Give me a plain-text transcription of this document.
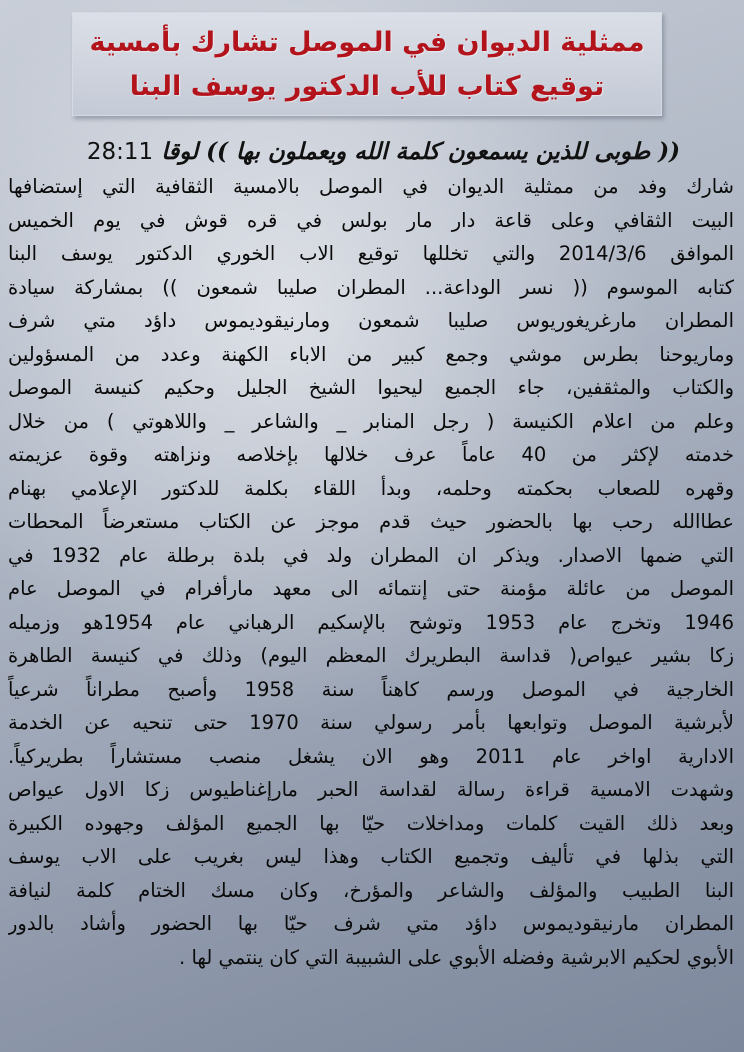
ممثلية الديوان في الموصل تشارك بأمسية
توقيع كتاب للأب الدكتور يوسف البنا
(( طوبى للذين يسمعون كلمة الله ويعملون بها )) لوقا 28:11
شارك وفد من ممثلية الديوان في الموصل بالامسية الثقافية التي إستضافها
البيت الثقافي وعلى قاعة دار مار بولس في قره قوش في يوم الخميس
الموافق 2014/3/6 والتي تخللها توقيع الاب الخوري الدكتور يوسف البنا
كتابه الموسوم (( نسر الوداعة... المطران صليبا شمعون )) بمشاركة سيادة
المطران مارغريغوريوس صليبا شمعون ومارنيقوديموس داؤد متي شرف
وماريوحنا بطرس موشي وجمع كبير من الاباء الكهنة وعدد من المسؤولين
والكتاب والمثقفين، جاء الجميع ليحيوا الشيخ الجليل وحكيم كنيسة الموصل
وعلم من اعلام الكنيسة ( رجل المنابر _ والشاعر _ واللاهوتي ) من خلال
خدمته لإكثر من 40 عاماً عرف خلالها بإخلاصه ونزاهته وقوة عزيمته
وقهره للصعاب بحكمته وحلمه، وبدأ اللقاء بكلمة للدكتور الإعلامي بهنام
عطاالله رحب بها بالحضور حيث قدم موجز عن الكتاب مستعرضاً المحطات
التي ضمها الاصدار. ويذكر ان المطران ولد في بلدة برطلة عام 1932 في
الموصل من عائلة مؤمنة حتى إنتمائه الى معهد مارأفرام في الموصل عام
1946 وتخرج عام 1953 وتوشح بالإسكيم الرهباني عام 1954هو وزميله
زكا بشير عيواص( قداسة البطريرك المعظم اليوم) وذلك في كنيسة الطاهرة
الخارجية في الموصل ورسم كاهناً سنة 1958 وأصبح مطراناً شرعياً
لأبرشية الموصل وتوابعها بأمر رسولي سنة 1970 حتى تنحيه عن الخدمة
الادارية اواخر عام 2011 وهو الان يشغل منصب مستشاراً بطريركياً.
وشهدت الامسية قراءة رسالة لقداسة الحبر مارإغناطيوس زكا الاول عيواص
وبعد ذلك القيت كلمات ومداخلات حيّا بها الجميع المؤلف وجهوده الكبيرة
التي بذلها في تأليف وتجميع الكتاب وهذا ليس بغريب على الاب يوسف
البنا الطبيب والمؤلف والشاعر والمؤرخ، وكان مسك الختام كلمة لنيافة
المطران مارنيقوديموس داؤد متي شرف حيّا بها الحضور وأشاد بالدور
الأبوي لحكيم الابرشية وفضله الأبوي على الشبيبة التي كان ينتمي لها .
